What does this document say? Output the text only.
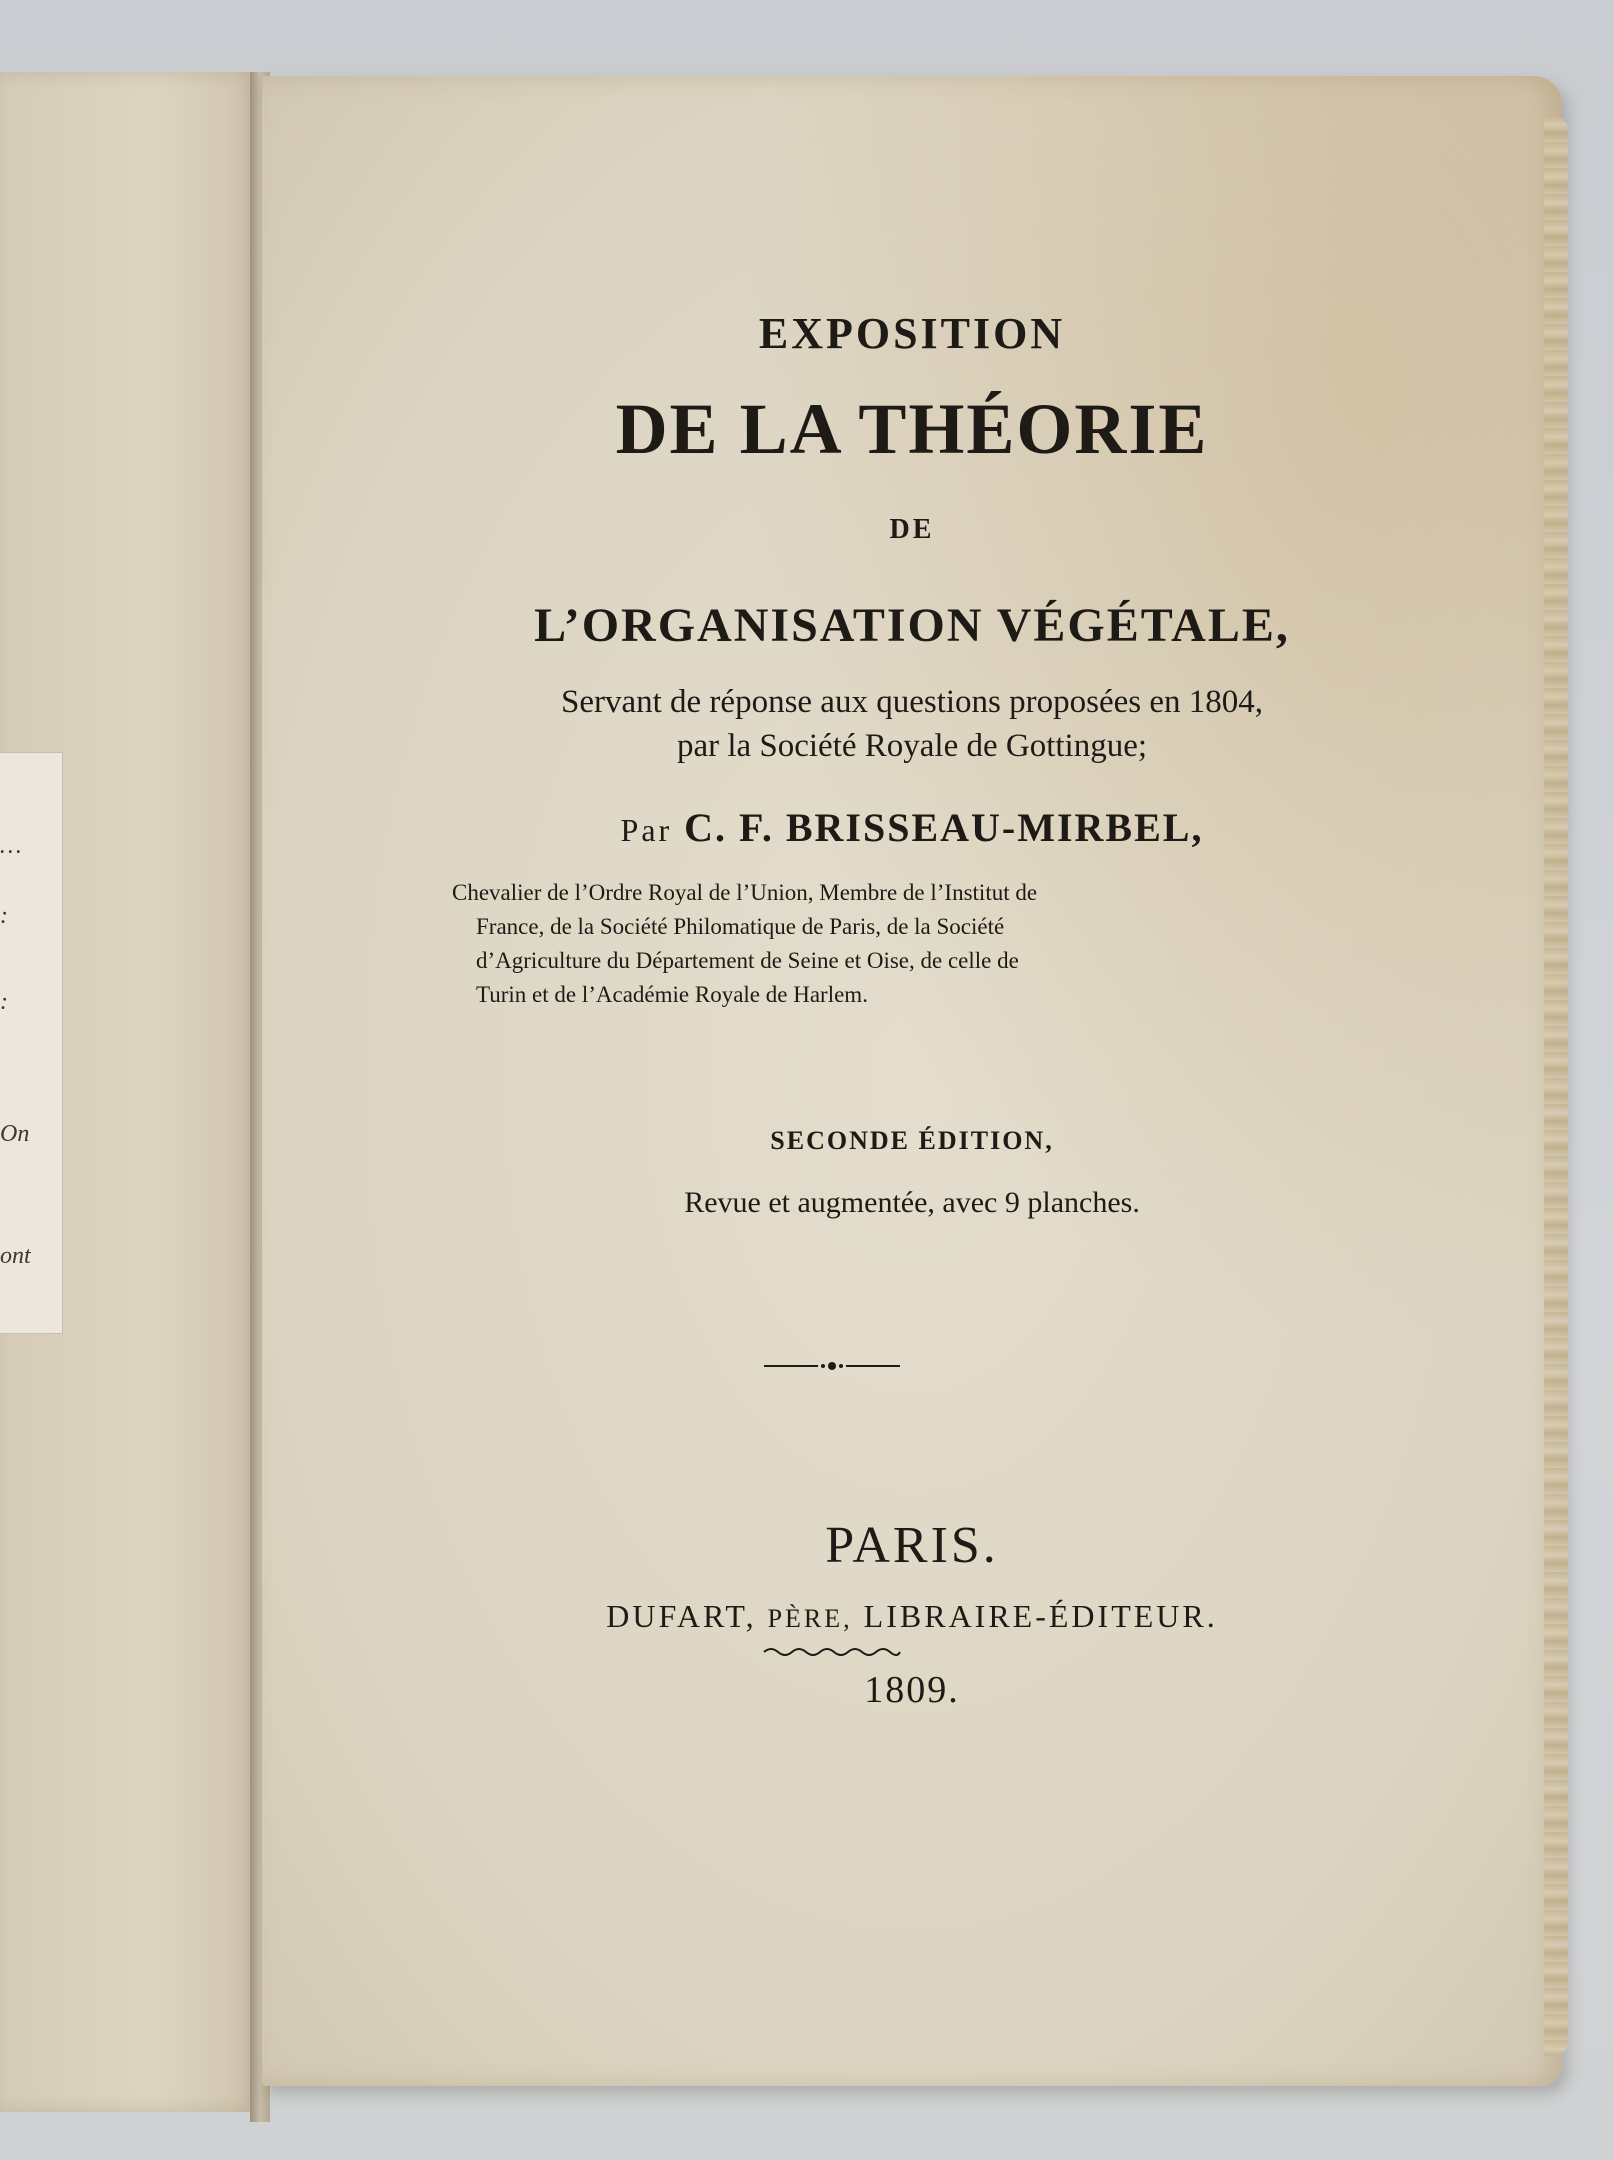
…
:
:
On
ont
EXPOSITION
DE LA THÉORIE
DE
L’ORGANISATION VÉGÉTALE,
Servant de réponse aux questions proposées en 1804,
par la Société Royale de Gottingue;
Par C. F. BRISSEAU-MIRBEL,
Chevalier de l’Ordre Royal de l’Union, Membre de l’Institut de
France, de la Société Philomatique de Paris, de la Société
d’Agriculture du Département de Seine et Oise, de celle de
Turin et de l’Académie Royale de Harlem.
SECONDE ÉDITION,
Revue et augmentée, avec 9 planches.
PARIS.
DUFART, PÈRE, LIBRAIRE-ÉDITEUR.
1809.
